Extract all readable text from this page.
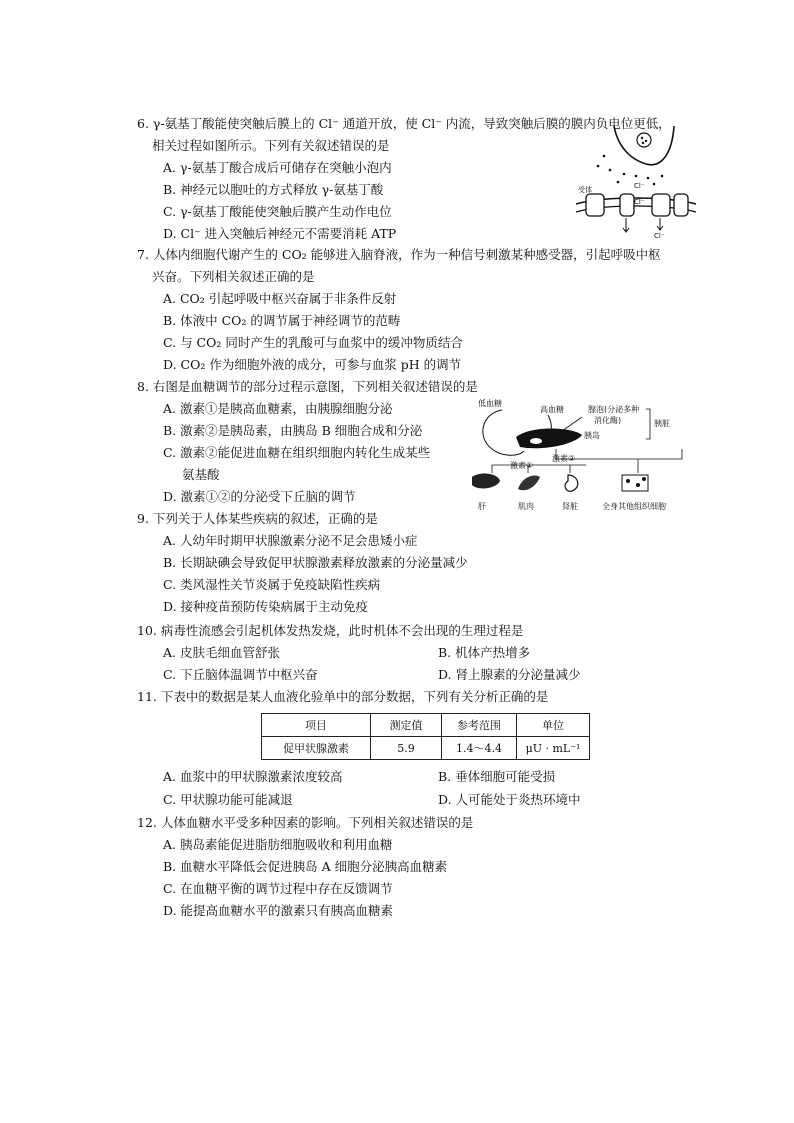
6. γ-氨基丁酸能使突触后膜上的 Cl⁻ 通道开放，使 Cl⁻ 内流，导致突触后膜的膜内负电位更低，
相关过程如图所示。下列有关叙述错误的是
A. γ-氨基丁酸合成后可储存在突触小泡内
B. 神经元以胞吐的方式释放 γ-氨基丁酸
C. γ-氨基丁酸能使突触后膜产生动作电位
D. Cl⁻ 进入突触后神经元不需要消耗 ATP
受体	Cl⁻
Cl⁻
Cl⁻
7. 人体内细胞代谢产生的 CO₂ 能够进入脑脊液，作为一种信号刺激某种感受器，引起呼吸中枢
兴奋。下列相关叙述正确的是
A. CO₂ 引起呼吸中枢兴奋属于非条件反射
B. 体液中 CO₂ 的调节属于神经调节的范畴
C. 与 CO₂ 同时产生的乳酸可与血浆中的缓冲物质结合
D. CO₂ 作为细胞外液的成分，可参与血浆 pH 的调节
8. 右图是血糖调节的部分过程示意图，下列相关叙述错误的是
A. 激素①是胰高血糖素，由胰腺细胞分泌
B. 激素②是胰岛素，由胰岛 B 细胞合成和分泌
C. 激素②能促进血糖在组织细胞内转化生成某些
氨基酸
D. 激素①②的分泌受下丘脑的调节
低血糖
高血糖	腺泡(分泌多种
消化酶)
胰岛
胰脏
激素①
激素②
肝	肌肉	肾脏	全身其他组织细胞
9. 下列关于人体某些疾病的叙述，正确的是
A. 人幼年时期甲状腺激素分泌不足会患矮小症
B. 长期缺碘会导致促甲状腺激素释放激素的分泌量减少
C. 类风湿性关节炎属于免疫缺陷性疾病
D. 接种疫苗预防传染病属于主动免疫
10. 病毒性流感会引起机体发热发烧，此时机体不会出现的生理过程是
A. 皮肤毛细血管舒张	B. 机体产热增多
C. 下丘脑体温调节中枢兴奋	D. 肾上腺素的分泌量减少
11. 下表中的数据是某人血液化验单中的部分数据，下列有关分析正确的是
项目	测定值	参考范围	单位
促甲状腺激素	5.9	1.4～4.4	μU · mL⁻¹
A. 血浆中的甲状腺激素浓度较高	B. 垂体细胞可能受损
C. 甲状腺功能可能减退	D. 人可能处于炎热环境中
12. 人体血糖水平受多种因素的影响。下列相关叙述错误的是
A. 胰岛素能促进脂肪细胞吸收和利用血糖
B. 血糖水平降低会促进胰岛 A 细胞分泌胰高血糖素
C. 在血糖平衡的调节过程中存在反馈调节
D. 能提高血糖水平的激素只有胰高血糖素
